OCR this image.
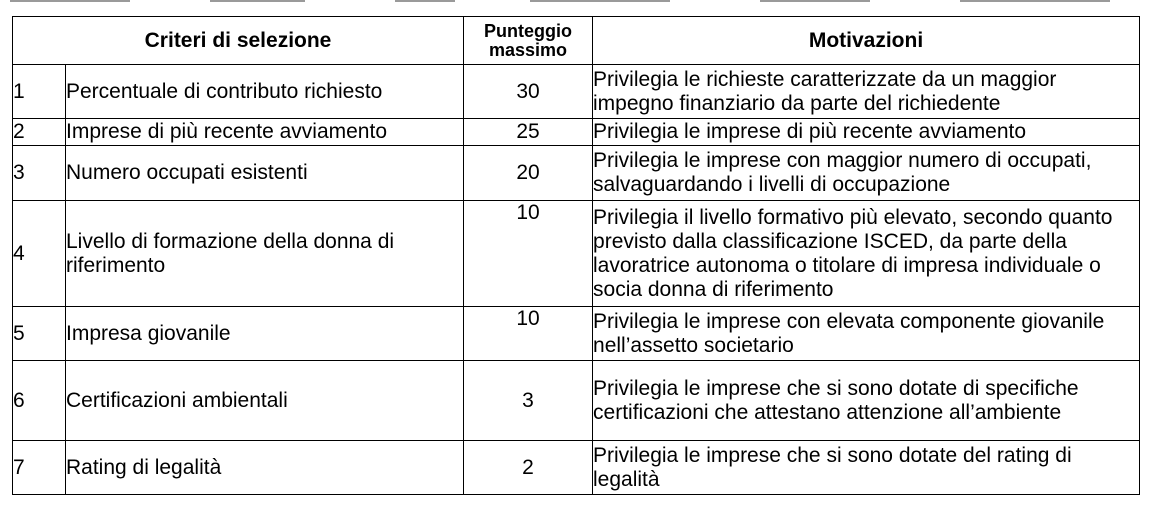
Criteri di selezione		Punteggio massimo	Motivazioni
1	Percentuale di contributo richiesto	30	Privilegia le richieste caratterizzate da un maggior impegno finanziario da parte del richiedente
2	Imprese di più recente avviamento	25	Privilegia le imprese di più recente avviamento
3	Numero occupati esistenti	20	Privilegia le imprese con maggior numero di occupati, salvaguardando i livelli di occupazione
4	Livello di formazione della donna di riferimento	10	Privilegia il livello formativo più elevato, secondo quanto previsto dalla classificazione ISCED, da parte della lavoratrice autonoma o titolare di impresa individuale o socia donna di riferimento
5	Impresa giovanile	10	Privilegia le imprese con elevata componente giovanile nell’assetto societario
6	Certificazioni ambientali	3	Privilegia le imprese che si sono dotate di specifiche certificazioni che attestano attenzione all’ambiente
7	Rating di legalità	2	Privilegia le imprese che si sono dotate del rating di legalità
